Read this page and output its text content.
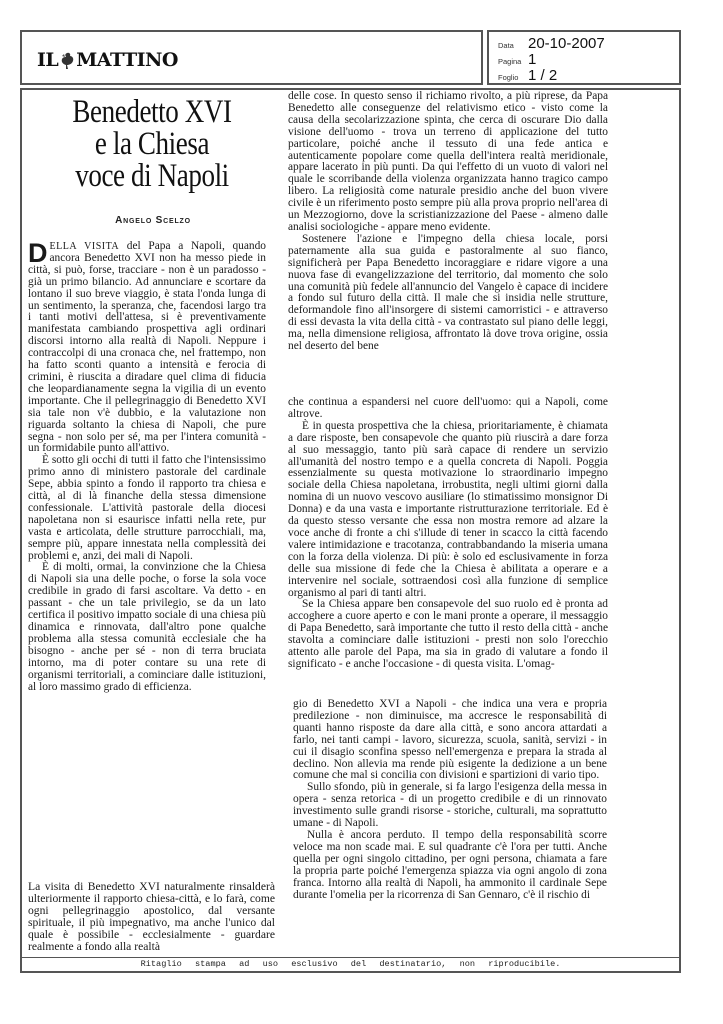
IL MATTINO
Data 20-10-2007
Pagina 1
Foglio 1 / 2
Benedetto XVI
e la Chiesa
voce di Napoli
Angelo Scelzo

DELLA VISITA del Papa a Napoli, quando ancora Benedetto XVI non ha messo piede in città, si può, forse, tracciare - non è un paradosso - già un primo bilancio. Ad annunciare e scortare da lontano il suo breve viaggio, è stata l'onda lunga di un sentimento, la speranza, che, facendosi largo tra i tanti motivi dell'attesa, si è preventivamente manifestata cambiando prospettiva agli ordinari discorsi intorno alla realtà di Napoli. Neppure i contraccolpi di una cronaca che, nel frattempo, non ha fatto sconti quanto a intensità e ferocia di crimini, è riuscita a diradare quel clima di fiducia che leopardianamente segna la vigilia di un evento importante. Che il pellegrinaggio di Benedetto XVI sia tale non v'è dubbio, e la valutazione non riguarda soltanto la chiesa di Napoli, che pure segna - non solo per sé, ma per l'intera comunità - un formidabile punto all'attivo.

È sotto gli occhi di tutti il fatto che l'intensissimo primo anno di ministero pastorale del cardinale Sepe, abbia spinto a fondo il rapporto tra chiesa e città, al di là finanche della stessa dimensione confessionale. L'attività pastorale della diocesi napoletana non si esaurisce infatti nella rete, pur vasta e articolata, delle strutture parrocchiali, ma, sempre più, appare innestata nella complessità dei problemi e, anzi, dei mali di Napoli.

È di molti, ormai, la convinzione che la Chiesa di Napoli sia una delle poche, o forse la sola voce credibile in grado di farsi ascoltare. Va detto - en passant - che un tale privilegio, se da un lato certifica il positivo impatto sociale di una chiesa più dinamica e rinnovata, dall'altro pone qualche problema alla stessa comunità ecclesiale che ha bisogno - anche per sé - non di terra bruciata intorno, ma di poter contare su una rete di organismi territoriali, a cominciare dalle istituzioni, al loro massimo grado di efficienza.

La visita di Benedetto XVI naturalmente rinsalderà ulteriormente il rapporto chiesa-città, e lo farà, come ogni pellegrinaggio apostolico, dal versante spirituale, il più impegnativo, ma anche l'unico dal quale è possibile - ecclesialmente - guardare realmente a fondo alla realtà

delle cose. In questo senso il richiamo rivolto, a più riprese, da Papa Benedetto alle conseguenze del relativismo etico - visto come la causa della secolarizzazione spinta, che cerca di oscurare Dio dalla visione dell'uomo - trova un terreno di applicazione del tutto particolare, poiché anche il tessuto di una fede antica e autenticamente popolare come quella dell'intera realtà meridionale, appare lacerato in più punti. Da qui l'effetto di un vuoto di valori nel quale le scorribande della violenza organizzata hanno tragico campo libero. La religiosità come naturale presidio anche del buon vivere civile è un riferimento posto sempre più alla prova proprio nell'area di un Mezzogiorno, dove la scristianizzazione del Paese - almeno dalle analisi sociologiche - appare meno evidente.

Sostenere l'azione e l'impegno della chiesa locale, porsi paternamente alla sua guida e pastoralmente al suo fianco, significherà per Papa Benedetto incoraggiare e ridare vigore a una nuova fase di evangelizzazione del territorio, dal momento che solo una comunità più fedele all'annuncio del Vangelo è capace di incidere a fondo sul futuro della città. Il male che si insidia nelle strutture, deformandole fino all'insorgere di sistemi camorristici - e attraverso di essi devasta la vita della città - va contrastato sul piano delle leggi, ma, nella dimensione religiosa, affrontato là dove trova origine, ossia nel deserto del bene

che continua a espandersi nel cuore dell'uomo: qui a Napoli, come altrove.

È in questa prospettiva che la chiesa, prioritariamente, è chiamata a dare risposte, ben consapevole che quanto più riuscirà a dare forza al suo messaggio, tanto più sarà capace di rendere un servizio all'umanità del nostro tempo e a quella concreta di Napoli. Poggia essenzialmente su questa motivazione lo straordinario impegno sociale della Chiesa napoletana, irrobustita, negli ultimi giorni dalla nomina di un nuovo vescovo ausiliare (lo stimatissimo monsignor Di Donna) e da una vasta e importante ristrutturazione territoriale. Ed è da questo stesso versante che essa non mostra remore ad alzare la voce anche di fronte a chi s'illude di tener in scacco la città facendo valere intimidazione e tracotanza, contrabbandando la miseria umana con la forza della violenza. Di più: è solo ed esclusivamente in forza delle sua missione di fede che la Chiesa è abilitata a operare e a intervenire nel sociale, sottraendosi così alla funzione di semplice organismo al pari di tanti altri.

Se la Chiesa appare ben consapevole del suo ruolo ed è pronta ad accoghere a cuore aperto e con le mani pronte a operare, il messaggio di Papa Benedetto, sarà importante che tutto il resto della città - anche stavolta a cominciare dalle istituzioni - presti non solo l'orecchio attento alle parole del Papa, ma sia in grado di valutare a fondo il significato - e anche l'occasione - di questa visita. L'omag-

gio di Benedetto XVI a Napoli - che indica una vera e propria predilezione - non diminuisce, ma accresce le responsabilità di quanti hanno risposte da dare alla città, e sono ancora attardati a farlo, nei tanti campi - lavoro, sicurezza, scuola, sanità, servizi - in cui il disagio sconfina spesso nell'emergenza e prepara la strada al declino. Non allevia ma rende più esigente la dedizione a un bene comune che mal si concilia con divisioni e spartizioni di vario tipo.

Sullo sfondo, più in generale, si fa largo l'esigenza della messa in opera - senza retorica - di un progetto credibile e di un rinnovato investimento sulle grandi risorse - storiche, culturali, ma soprattutto umane - di Napoli.

Nulla è ancora perduto. Il tempo della responsabilità scorre veloce ma non scade mai. E sul quadrante c'è l'ora per tutti. Anche quella per ogni singolo cittadino, per ogni persona, chiamata a fare la propria parte poiché l'emergenza spiazza via ogni angolo di zona franca. Intorno alla realtà di Napoli, ha ammonito il cardinale Sepe durante l'omelia per la ricorrenza di San Gennaro, c'è il rischio di

Ritaglio stampa ad uso esclusivo del destinatario, non riproducibile.
